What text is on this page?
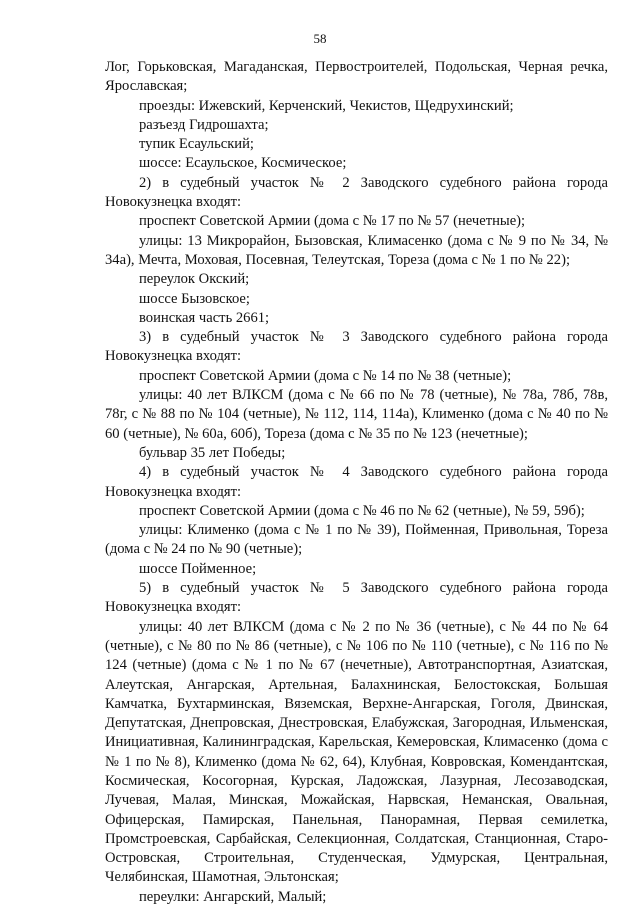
58

Лог, Горьковская, Магаданская, Первостроителей, Подольская, Черная речка, Ярославская;

проезды: Ижевский, Керченский, Чекистов, Щедрухинский;

разъезд Гидрошахта;

тупик Есаульский;

шоссе: Есаульское, Космическое;

2) в судебный участок № 2 Заводского судебного района города Новокузнецка входят:

проспект Советской Армии (дома с № 17 по № 57 (нечетные);

улицы: 13 Микрорайон, Бызовская, Климасенко (дома с № 9 по № 34, № 34а), Мечта, Моховая, Посевная, Телеутская, Тореза (дома с № 1 по № 22);

переулок Окский;

шоссе Бызовское;

воинская часть 2661;

3) в судебный участок № 3 Заводского судебного района города Новокузнецка входят:

проспект Советской Армии (дома с № 14 по № 38 (четные);

улицы: 40 лет ВЛКСМ (дома с № 66 по № 78 (четные), № 78а, 78б, 78в, 78г, с № 88 по № 104 (четные), № 112, 114, 114а), Клименко (дома с № 40 по № 60 (четные), № 60а, 60б), Тореза (дома с № 35 по № 123 (нечетные);

бульвар 35 лет Победы;

4) в судебный участок № 4 Заводского судебного района города Новокузнецка входят:

проспект Советской Армии (дома с № 46 по № 62 (четные), № 59, 59б);

улицы: Клименко (дома с № 1 по № 39), Пойменная, Привольная, Тореза (дома с № 24 по № 90 (четные);

шоссе Пойменное;

5) в судебный участок № 5 Заводского судебного района города Новокузнецка входят:

улицы: 40 лет ВЛКСМ (дома с № 2 по № 36 (четные), с № 44 по № 64 (четные), с № 80 по № 86 (четные), с № 106 по № 110 (четные), с № 116 по № 124 (четные) (дома с № 1 по № 67 (нечетные), Автотранспортная, Азиатская, Алеутская, Ангарская, Артельная, Балахнинская, Белостокская, Большая Камчатка, Бухтарминская, Вяземская, Верхне-Ангарская, Гоголя, Двинская, Депутатская, Днепровская, Днестровская, Елабужская, Загородная, Ильменская, Инициативная, Калининградская, Карельская, Кемеровская, Климасенко (дома с № 1 по № 8), Клименко (дома № 62, 64), Клубная, Ковровская, Комендантская, Космическая, Косогорная, Курская, Ладожская, Лазурная, Лесозаводская, Лучевая, Малая, Минская, Можайская, Нарвская, Неманская, Овальная, Офицерская, Памирская, Панельная, Панорамная, Первая семилетка, Промстроевская, Сарбайская, Селекционная, Солдатская, Станционная, Старо-Островская, Строительная, Студенческая, Удмурская, Центральная, Челябинская, Шамотная, Эльтонская;

переулки: Ангарский, Малый;
